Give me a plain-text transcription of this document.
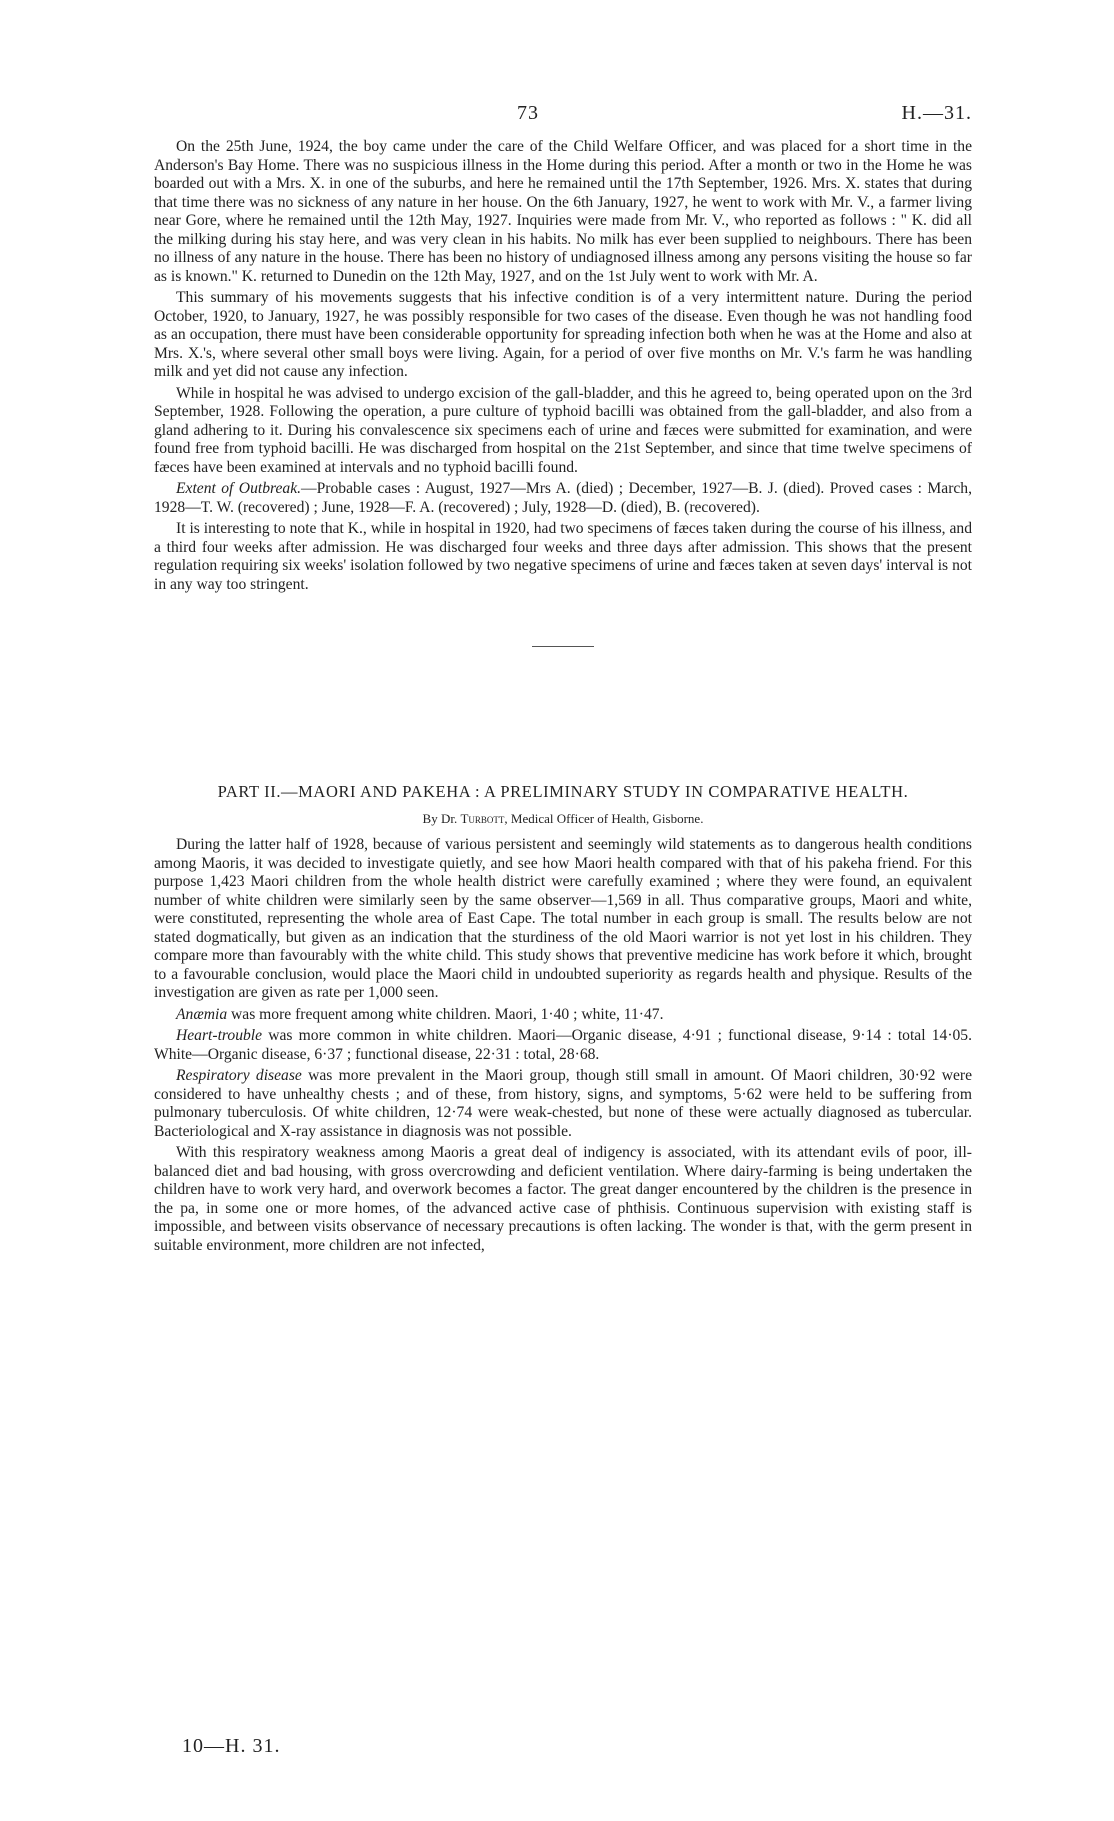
73	H.—31.

On the 25th June, 1924, the boy came under the care of the Child Welfare Officer, and was placed for a short time in the Anderson's Bay Home. There was no suspicious illness in the Home during this period. After a month or two in the Home he was boarded out with a Mrs. X. in one of the suburbs, and here he remained until the 17th September, 1926. Mrs. X. states that during that time there was no sickness of any nature in her house. On the 6th January, 1927, he went to work with Mr. V., a farmer living near Gore, where he remained until the 12th May, 1927. Inquiries were made from Mr. V., who reported as follows : " K. did all the milking during his stay here, and was very clean in his habits. No milk has ever been supplied to neighbours. There has been no illness of any nature in the house. There has been no history of undiagnosed illness among any persons visiting the house so far as is known." K. returned to Dunedin on the 12th May, 1927, and on the 1st July went to work with Mr. A.

This summary of his movements suggests that his infective condition is of a very intermittent nature. During the period October, 1920, to January, 1927, he was possibly responsible for two cases of the disease. Even though he was not handling food as an occupation, there must have been considerable opportunity for spreading infection both when he was at the Home and also at Mrs. X.'s, where several other small boys were living. Again, for a period of over five months on Mr. V.'s farm he was handling milk and yet did not cause any infection.

While in hospital he was advised to undergo excision of the gall-bladder, and this he agreed to, being operated upon on the 3rd September, 1928. Following the operation, a pure culture of typhoid bacilli was obtained from the gall-bladder, and also from a gland adhering to it. During his convalescence six specimens each of urine and fæces were submitted for examination, and were found free from typhoid bacilli. He was discharged from hospital on the 21st September, and since that time twelve specimens of fæces have been examined at intervals and no typhoid bacilli found.

Extent of Outbreak.—Probable cases : August, 1927—Mrs A. (died) ; December, 1927—B. J. (died). Proved cases : March, 1928—T. W. (recovered) ; June, 1928—F. A. (recovered) ; July, 1928—D. (died), B. (recovered).

It is interesting to note that K., while in hospital in 1920, had two specimens of fæces taken during the course of his illness, and a third four weeks after admission. He was discharged four weeks and three days after admission. This shows that the present regulation requiring six weeks' isolation followed by two negative specimens of urine and fæces taken at seven days' interval is not in any way too stringent.

PART II.—MAORI AND PAKEHA : A PRELIMINARY STUDY IN COMPARATIVE HEALTH.
By Dr. Turbott, Medical Officer of Health, Gisborne.

During the latter half of 1928, because of various persistent and seemingly wild statements as to dangerous health conditions among Maoris, it was decided to investigate quietly, and see how Maori health compared with that of his pakeha friend. For this purpose 1,423 Maori children from the whole health district were carefully examined ; where they were found, an equivalent number of white children were similarly seen by the same observer—1,569 in all. Thus comparative groups, Maori and white, were constituted, representing the whole area of East Cape. The total number in each group is small. The results below are not stated dogmatically, but given as an indication that the sturdiness of the old Maori warrior is not yet lost in his children. They compare more than favourably with the white child. This study shows that preventive medicine has work before it which, brought to a favourable conclusion, would place the Maori child in undoubted superiority as regards health and physique. Results of the investigation are given as rate per 1,000 seen.

Anæmia was more frequent among white children. Maori, 1·40 ; white, 11·47.

Heart-trouble was more common in white children. Maori—Organic disease, 4·91 ; functional disease, 9·14 : total 14·05. White—Organic disease, 6·37 ; functional disease, 22·31 : total, 28·68.

Respiratory disease was more prevalent in the Maori group, though still small in amount. Of Maori children, 30·92 were considered to have unhealthy chests ; and of these, from history, signs, and symptoms, 5·62 were held to be suffering from pulmonary tuberculosis. Of white children, 12·74 were weak-chested, but none of these were actually diagnosed as tubercular. Bacteriological and X-ray assistance in diagnosis was not possible.

With this respiratory weakness among Maoris a great deal of indigency is associated, with its attendant evils of poor, ill-balanced diet and bad housing, with gross overcrowding and deficient ventilation. Where dairy-farming is being undertaken the children have to work very hard, and overwork becomes a factor. The great danger encountered by the children is the presence in the pa, in some one or more homes, of the advanced active case of phthisis. Continuous supervision with existing staff is impossible, and between visits observance of necessary precautions is often lacking. The wonder is that, with the germ present in suitable environment, more children are not infected,

10—H. 31.
